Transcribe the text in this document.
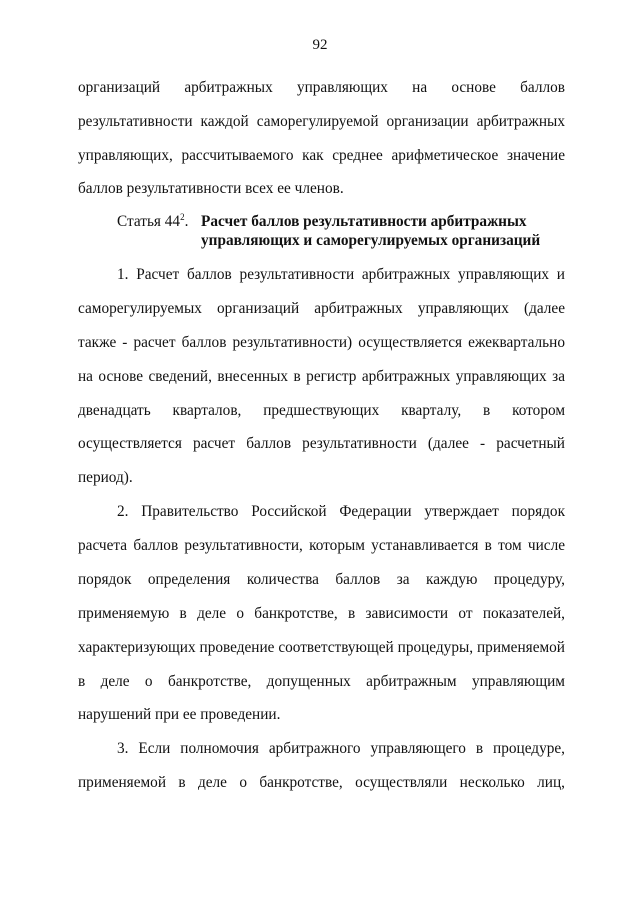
92
организаций арбитражных управляющих на основе баллов
результативности каждой саморегулируемой организации арбитражных
управляющих, рассчитываемого как среднее арифметическое значение
баллов результативности всех ее членов.
Статья $44^2$. Расчет баллов результативности арбитражных
управляющих и саморегулируемых организаций
1. Расчет баллов результативности арбитражных управляющих и
саморегулируемых организаций арбитражных управляющих (далее
также - расчет баллов результативности) осуществляется ежеквартально
на основе сведений, внесенных в регистр арбитражных управляющих за
двенадцать кварталов, предшествующих кварталу, в котором
осуществляется расчет баллов результативности (далее - расчетный
период).
2. Правительство Российской Федерации утверждает порядок
расчета баллов результативности, которым устанавливается в том числе
порядок определения количества баллов за каждую процедуру,
применяемую в деле о банкротстве, в зависимости от показателей,
характеризующих проведение соответствующей процедуры, применяемой
в деле о банкротстве, допущенных арбитражным управляющим
нарушений при ее проведении.
3. Если полномочия арбитражного управляющего в процедуре,
применяемой в деле о банкротстве, осуществляли несколько лиц,
